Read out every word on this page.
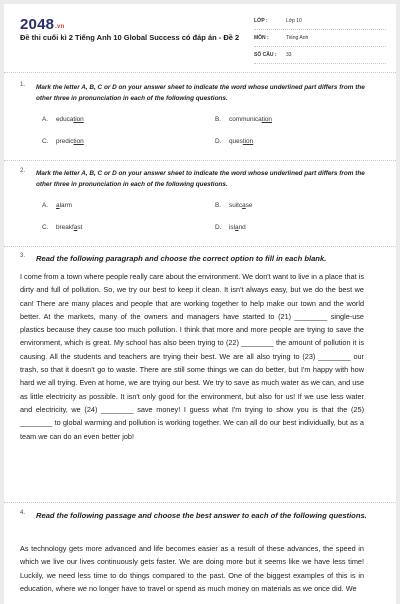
2048.vn
Đề thi cuối kì 2 Tiếng Anh 10 Global Success có đáp án - Đề 2
LỚP :	Lớp 10
MÔN :	Tiếng Anh
SỐ CÂU : 33
1. Mark the letter A, B, C or D on your answer sheet to indicate the word whose underlined part differs from the other three in pronunciation in each of the following questions.
A. education	B. communication
C. prediction	D. question
2. Mark the letter A, B, C or D on your answer sheet to indicate the word whose underlined part differs from the other three in pronunciation in each of the following questions.
A. alarm	B. suitcase
C. breakfast	D. island
3. Read the following paragraph and choose the correct option to fill in each blank.
I come from a town where people really care about the environment. We don't want to live in a place that is dirty and full of pollution. So, we try our best to keep it clean. It isn't always easy, but we do the best we can! There are many places and people that are working together to help make our town and the world better. At the markets, many of the owners and managers have started to (21) ________ single-use plastics because they cause too much pollution. I think that more and more people are trying to save the environment, which is great. My school has also been trying to (22) ________ the amount of pollution it is causing. All the students and teachers are trying their best. We are all also trying to (23) ________ our trash, so that it doesn't go to waste. There are still some things we can do better, but I'm happy with how hard we all trying. Even at home, we are trying our best. We try to save as much water as we can, and use as little electricity as possible. It isn't only good for the environment, but also for us! If we use less water and electricity, we (24) ________ save money! I guess what I'm trying to show you is that the (25) ________ to global warming and pollution is working together. We can all do our best individually, but as a team we can do an even better job!
4. Read the following passage and choose the best answer to each of the following questions.
As technology gets more advanced and life becomes easier as a result of these advances, the speed in which we live our lives continuously gets faster. We are doing more but it seems like we have less time! Luckily, we need less time to do things compared to the past. One of the biggest examples of this is in education, where we no longer have to travel or spend as much money on materials as we once did. We
